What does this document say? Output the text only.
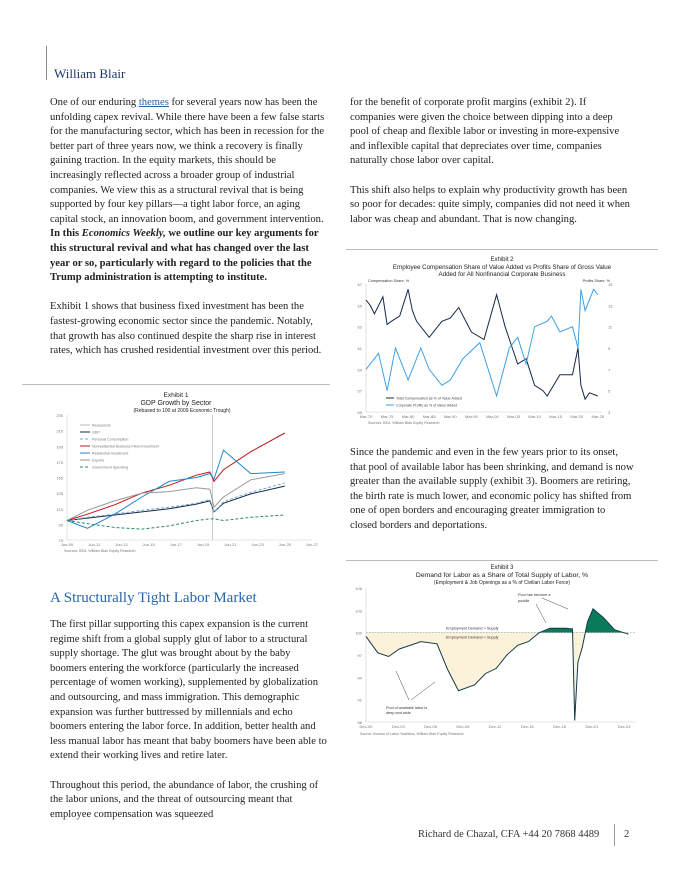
William Blair

One of our enduring themes for several years now has been the unfolding capex revival. While there have been a few false starts for the manufacturing sector, which has been in recession for the better part of three years now, we think a recovery is finally gaining traction. In the equity markets, this should be increasingly reflected across a broader group of industrial companies. We view this as a structural revival that is being supported by four key pillars—a tight labor force, an aging capital stock, an innovation boom, and government intervention. In this Economics Weekly, we outline our key arguments for this structural revival and what has changed over the last year or so, particularly with regard to the policies that the Trump administration is attempting to institute.

Exhibit 1 shows that business fixed investment has been the fastest-growing economic sector since the pandemic. Notably, that growth has also continued despite the sharp rise in interest rates, which has crushed residential investment over this period.

Exhibit 1
GDP Growth by Sector
(Rebased to 100 at 2009 Economic Trough)
235
215
195
175
155
135
115
95
75
Jun-09	Jun-11	Jun-13	Jun-15	Jun-17	Jun-19	Jun-21	Jun-23	Jun-25	Jun-27
Recessions
GDP
Personal Consumption
Nonresidential Business Fixed Investment
Residential Investment
Exports
Government Spending
Sources: BEA, William Blair Equity Research
A Structurally Tight Labor Market

The first pillar supporting this capex expansion is the current regime shift from a global supply glut of labor to a structural supply shortage. The glut was brought about by the baby boomers entering the workforce (particularly the increased percentage of women working), supplemented by globalization and outsourcing, and mass immigration. This demographic expansion was further buttressed by millennials and echo boomers entering the labor force. In addition, better health and less manual labor has meant that baby boomers have been able to extend their working lives and retire later.

Throughout this period, the abundance of labor, the crushing of the labor unions, and the threat of outsourcing meant that employee compensation was squeezed

for the benefit of corporate profit margins (exhibit 2). If companies were given the choice between dipping into a deep pool of cheap and flexible labor or investing in more-expensive and inflexible capital that depreciates over time, companies naturally chose labor over capital.

This shift also helps to explain why productivity growth has been so poor for decades: quite simply, companies did not need it when labor was cheap and abundant. That is now changing.

Exhibit 2
Employee Compensation Share of Value Added vs Profits Share of Gross Value
Added for All Nonfinancial Corporate Business
Compensation Share, %	Profits Share, %
67
65
63
61
59
57
55
15
13
11
9
7
5
3
Mar-70 Mar-75 Mar-80 Mar-85 Mar-90 Mar-95 Mar-00 Mar-05 Mar-10 Mar-15 Mar-20 Mar-25
Total Compensation as % of Value Added
Corporate Profits as % of Value Added
Sources: BEA, William Blair Equity Research

Since the pandemic and even in the few years prior to its onset, that pool of available labor has been shrinking, and demand is now greater than the available supply (exhibit 3). Boomers are retiring, the birth rate is much lower, and economic policy has shifted from one of open borders and encouraging greater immigration to closed borders and deportations.

Exhibit 3
Demand for Labor as a Share of Total Supply of Labor, %
(Employment & Job Openings as a % of Civilian Labor Force)
106
103
100
97
94
91
88
Dec-00	Dec-03	Dec-06	Dec-09	Dec-12	Dec-15	Dec-18	Dec-21	Dec-24
Employment Demand > Supply
Employment Demand < Supply
Pool has become a
puddle
Pool of available labor is
deep and wide
Source: Bureau of Labor Statistics, William Blair Equity Research
Richard de Chazal, CFA +44 20 7868 4489 2
